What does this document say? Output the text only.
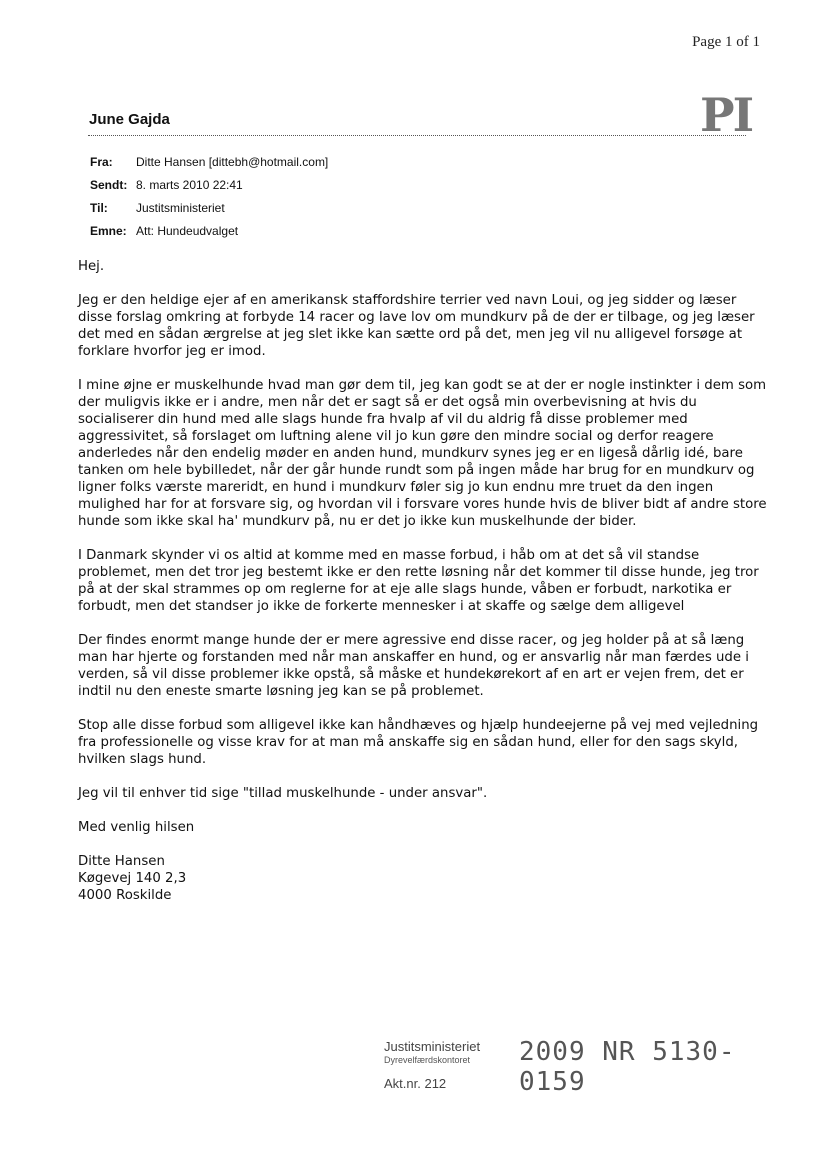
Page 1 of 1
June Gajda	PI
Fra:	Ditte Hansen [dittebh@hotmail.com]
Sendt: 8. marts 2010 22:41
Til:	Justitsministeriet
Emne: Att: Hundeudvalget

Hej.

Jeg er den heldige ejer af en amerikansk staffordshire terrier ved navn Loui, og jeg sidder og læser disse forslag omkring at forbyde 14 racer og lave lov om mundkurv på de der er tilbage, og jeg læser det med en sådan ærgrelse at jeg slet ikke kan sætte ord på det, men jeg vil nu alligevel forsøge at forklare hvorfor jeg er imod.

I mine øjne er muskelhunde hvad man gør dem til, jeg kan godt se at der er nogle instinkter i dem som der muligvis ikke er i andre, men når det er sagt så er det også min overbevisning at hvis du socialiserer din hund med alle slags hunde fra hvalp af vil du aldrig få disse problemer med aggressivitet, så forslaget om luftning alene vil jo kun gøre den mindre social og derfor reagere anderledes når den endelig møder en anden hund, mundkurv synes jeg er en ligeså dårlig idé, bare tanken om hele bybilledet, når der går hunde rundt som på ingen måde har brug for en mundkurv og ligner folks værste mareridt, en hund i mundkurv føler sig jo kun endnu mre truet da den ingen mulighed har for at forsvare sig, og hvordan vil i forsvare vores hunde hvis de bliver bidt af andre store hunde som ikke skal ha' mundkurv på, nu er det jo ikke kun muskelhunde der bider.

I Danmark skynder vi os altid at komme med en masse forbud, i håb om at det så vil standse problemet, men det tror jeg bestemt ikke er den rette løsning når det kommer til disse hunde, jeg tror på at der skal strammes op om reglerne for at eje alle slags hunde, våben er forbudt, narkotika er forbudt, men det standser jo ikke de forkerte mennesker i at skaffe og sælge dem alligevel

Der findes enormt mange hunde der er mere agressive end disse racer, og jeg holder på at så læng man har hjerte og forstanden med når man anskaffer en hund, og er ansvarlig når man færdes ude i verden, så vil disse problemer ikke opstå, så måske et hundekørekort af en art er vejen frem, det er indtil nu den eneste smarte løsning jeg kan se på problemet.

Stop alle disse forbud som alligevel ikke kan håndhæves og hjælp hundeejerne på vej med vejledning fra professionelle og visse krav for at man må anskaffe sig en sådan hund, eller for den sags skyld, hvilken slags hund.

Jeg vil til enhver tid sige "tillad muskelhunde - under ansvar".

Med venlig hilsen

Ditte Hansen

Køgevej 140 2,3

4000 Roskilde

Justitsministeriet
Dyrevelfærdskontoret 2009 NR 5130-0159
Akt.nr. 212
